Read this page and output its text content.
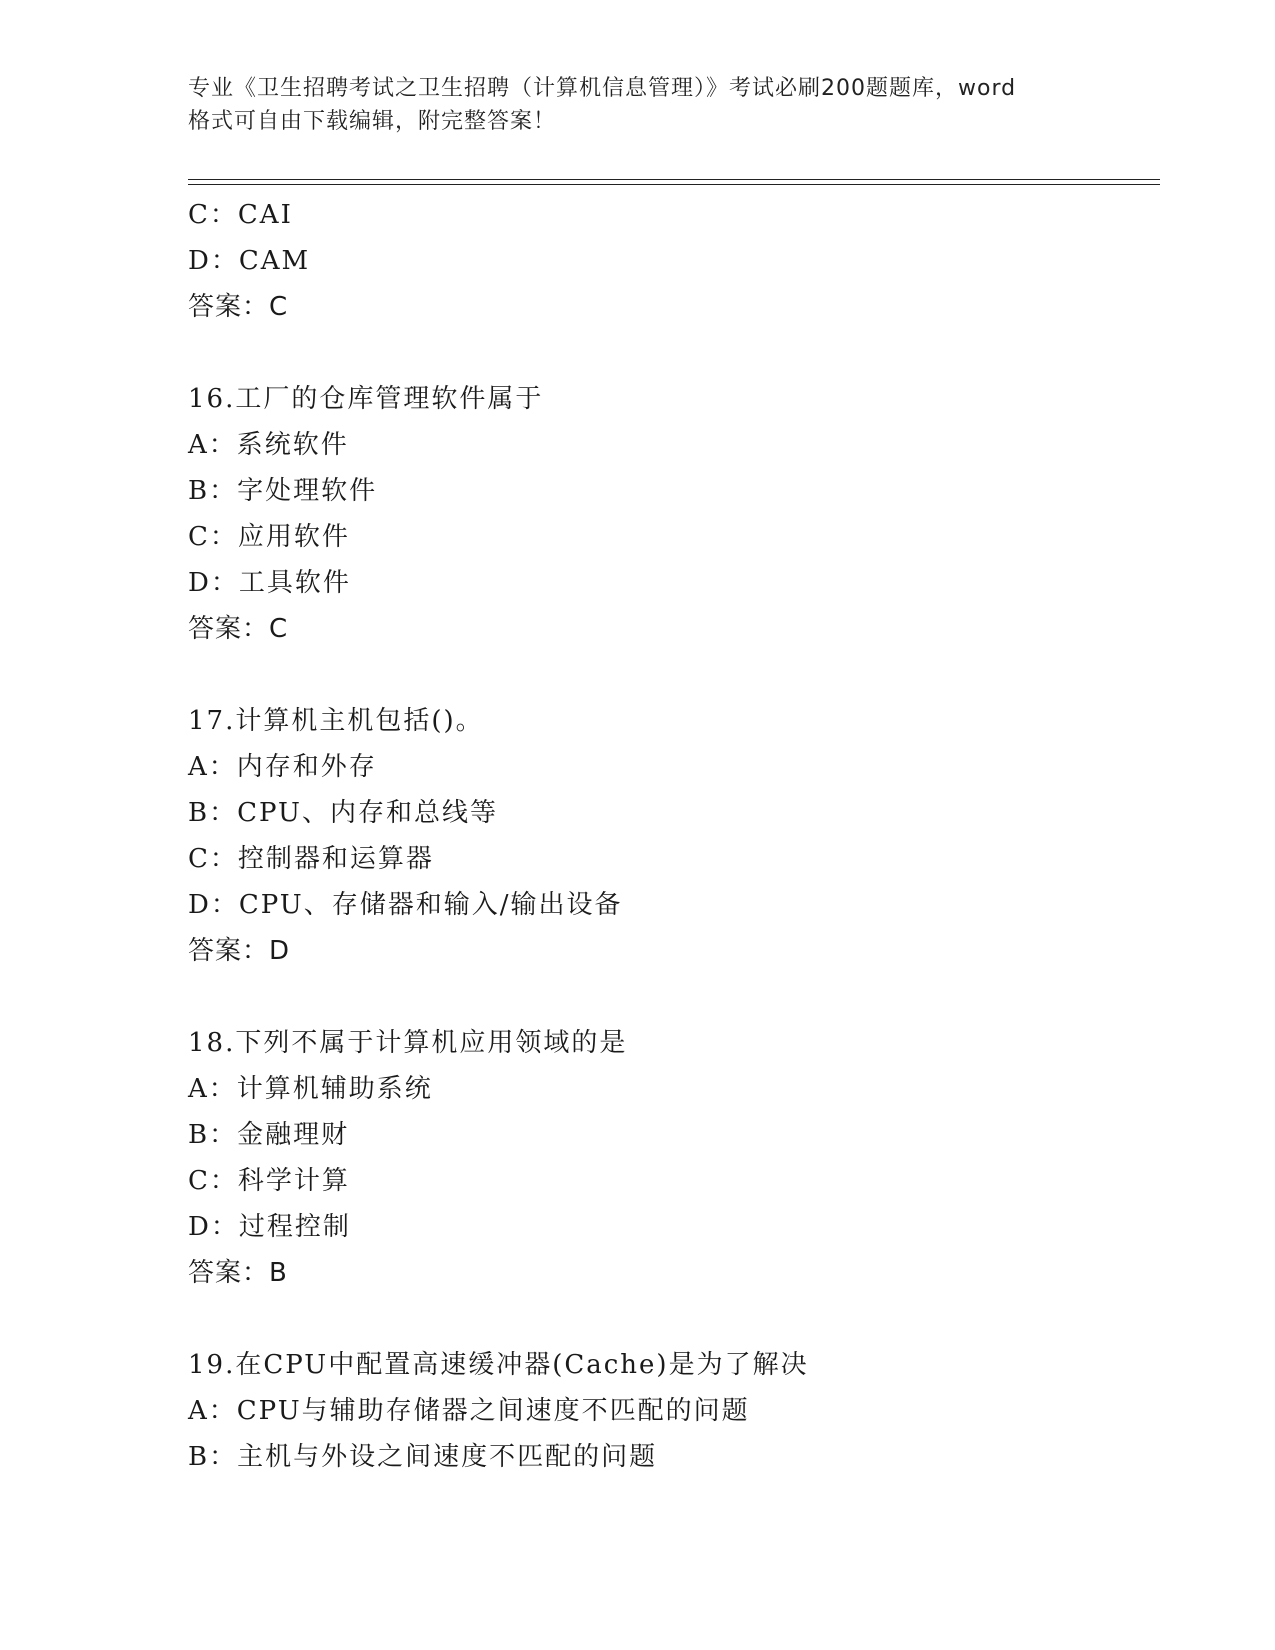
专业《卫生招聘考试之卫生招聘（计算机信息管理）》考试必刷200题题库，word
格式可自由下载编辑，附完整答案！
C：CAI
D：CAM
答案：C
16.工厂的仓库管理软件属于
A：系统软件
B：字处理软件
C：应用软件
D：工具软件
答案：C
17.计算机主机包括()。
A：内存和外存
B：CPU、内存和总线等
C：控制器和运算器
D：CPU、存储器和输入/输出设备
答案：D
18.下列不属于计算机应用领域的是
A：计算机辅助系统
B：金融理财
C：科学计算
D：过程控制
答案：B
19.在CPU中配置高速缓冲器(Cache)是为了解决
A：CPU与辅助存储器之间速度不匹配的问题
B：主机与外设之间速度不匹配的问题
